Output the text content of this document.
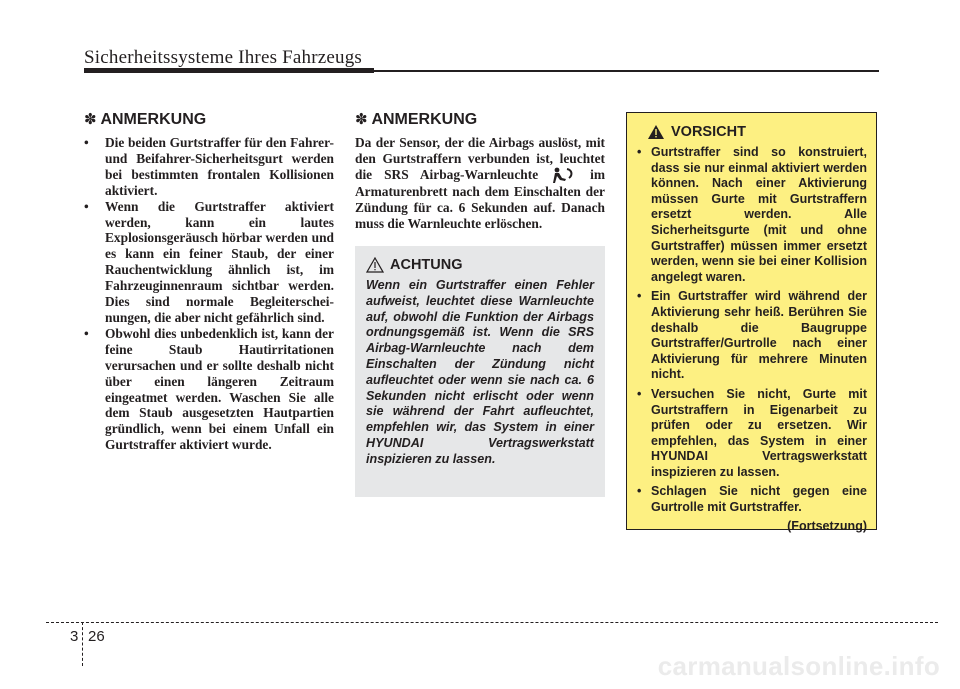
Sicherheitssysteme Ihres Fahrzeugs
✽ ANMERKUNG
• Die beiden Gurtstraffer für den Fahrer- und Beifahrer-Sicherheitsgurt werden bei bestimmten frontalen Kollisionen aktiviert.
• Wenn die Gurtstraffer aktiviert werden, kann ein lautes Explosionsgeräusch hörbar werden und es kann ein feiner Staub, der einer Rauchentwicklung ähnlich ist, im Fahrzeuginnenraum sichtbar werden. Dies sind normale Begleiterscheinungen, die aber nicht gefährlich sind.
• Obwohl dies unbedenklich ist, kann der feine Staub Hautirritationen verursachen und er sollte deshalb nicht über einen längeren Zeitraum eingeatmet werden. Waschen Sie alle dem Staub ausgesetzten Hautpartien gründlich, wenn bei einem Unfall ein Gurtstraffer aktiviert wurde.
✽ ANMERKUNG

Da der Sensor, der die Airbags auslöst, mit den Gurtstraffern verbunden ist, leuchtet die SRS Airbag-Warnleuchte	im Armaturenbrett nach dem Einschalten der Zündung für ca. 6 Sekunden auf. Danach muss die Warnleuchte erlöschen.

ACHTUNG

Wenn ein Gurtstraffer einen Fehler aufweist, leuchtet diese Warnleuchte auf, obwohl die Funktion der Airbags ordnungsgemäß ist. Wenn die SRS Airbag-Warnleuchte nach dem Einschalten der Zündung nicht aufleuchtet oder wenn sie nach ca. 6 Sekunden nicht erlischt oder wenn sie während der Fahrt aufleuchtet, empfehlen wir, das System in einer HYUNDAI Vertragswerkstatt inspizieren zu lassen.

VORSICHT
• Gurtstraffer sind so konstruiert, dass sie nur einmal aktiviert werden können. Nach einer Aktivierung müssen Gurte mit Gurtstraffern ersetzt werden. Alle Sicherheitsgurte (mit und ohne Gurtstraffer) müssen immer ersetzt werden, wenn sie bei einer Kollision angelegt waren.
• Ein Gurtstraffer wird während der Aktivierung sehr heiß. Berühren Sie deshalb die Baugruppe Gurtstraffer/Gurtrolle nach einer Aktivierung für mehrere Minuten nicht.
• Versuchen Sie nicht, Gurte mit Gurtstraffern in Eigenarbeit zu prüfen oder zu ersetzen. Wir empfehlen, das System in einer HYUNDAI Vertragswerkstatt inspizieren zu lassen.
• Schlagen Sie nicht gegen eine Gurtrolle mit Gurtstraffer.
(Fortsetzung)
3 26
carmanualsonline.info
